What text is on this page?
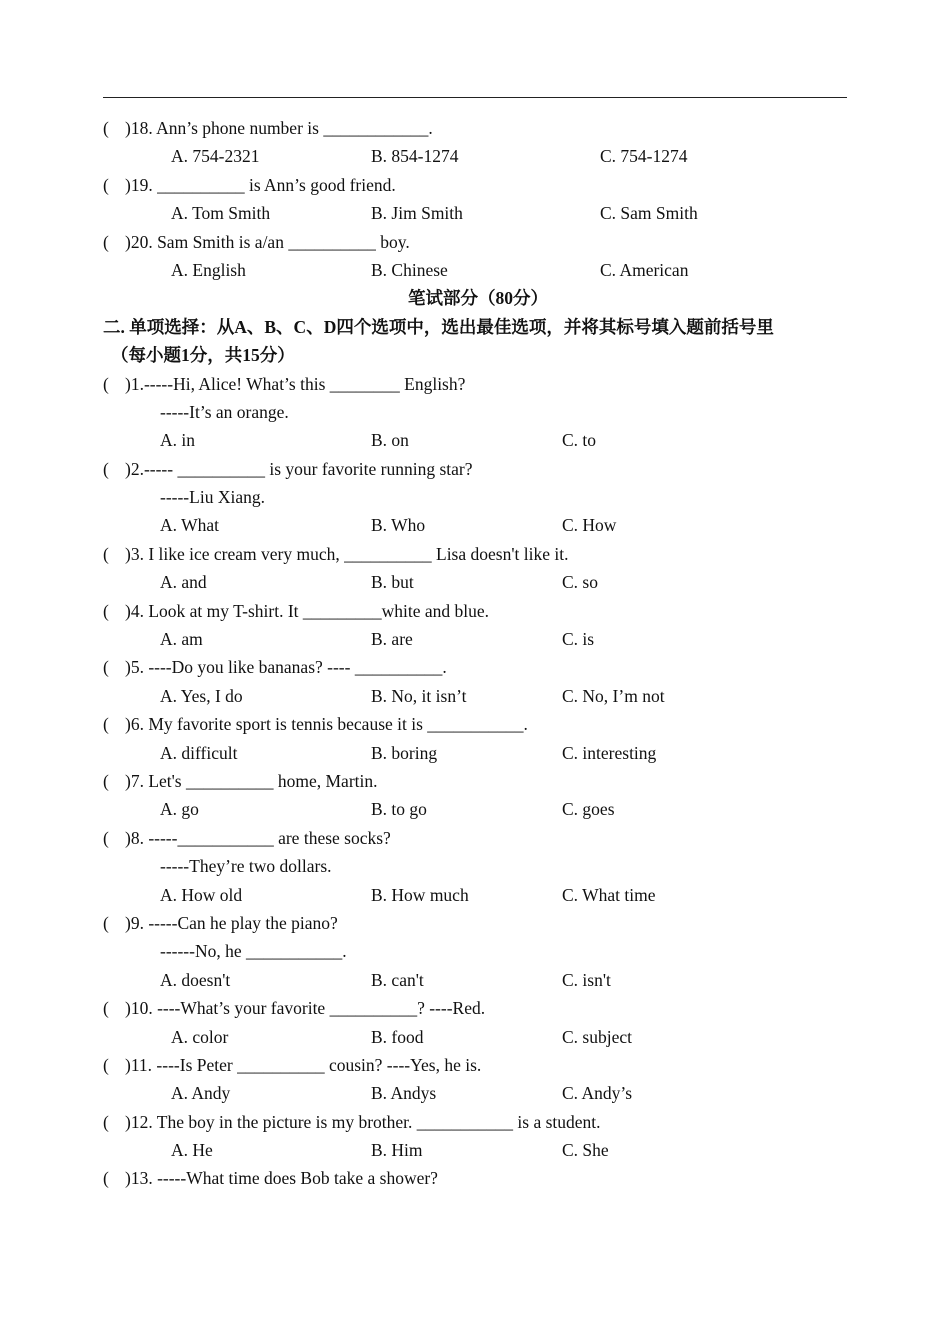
( )18. Ann’s phone number is ____________.
A. 754-2321	B. 854-1274	C. 754-1274
( )19. __________ is Ann’s good friend.
A. Tom Smith	B. Jim Smith	C. Sam Smith
( )20. Sam Smith is a/an __________ boy.
A. English	B. Chinese	C. American
笔试部分（80分）
二. 单项选择：从A、B、C、D四个选项中，选出最佳选项，并将其标号填入题前括号里
（每小题1分，共15分）
( )1.-----Hi, Alice! What’s this ________ English?
-----It’s an orange.
A. in	B. on	C. to
( )2.----- __________ is your favorite running star?
-----Liu Xiang.
A. What	B. Who	C. How
( )3. I like ice cream very much, __________ Lisa doesn't like it.
A. and	B. but	C. so
( )4. Look at my T-shirt. It _________white and blue.
A. am	B. are	C. is
( )5. ----Do you like bananas? ---- __________.
A. Yes, I do	B. No, it isn’t	C. No, I’m not
( )6. My favorite sport is tennis because it is ___________.
A. difficult	B. boring	C. interesting
( )7. Let's __________ home, Martin.
A. go	B. to go	C. goes
( )8. -----___________ are these socks?
-----They’re two dollars.
A. How old	B. How much	C. What time
( )9. -----Can he play the piano?
------No, he ___________.
A. doesn't	B. can't	C. isn't
( )10. ----What’s your favorite __________? ----Red.
A. color	B. food	C. subject
( )11. ----Is Peter __________ cousin? ----Yes, he is.
A. Andy	B. Andys	C. Andy’s
( )12. The boy in the picture is my brother. ___________ is a student.
A. He	B. Him	C. She
( )13. -----What time does Bob take a shower?
